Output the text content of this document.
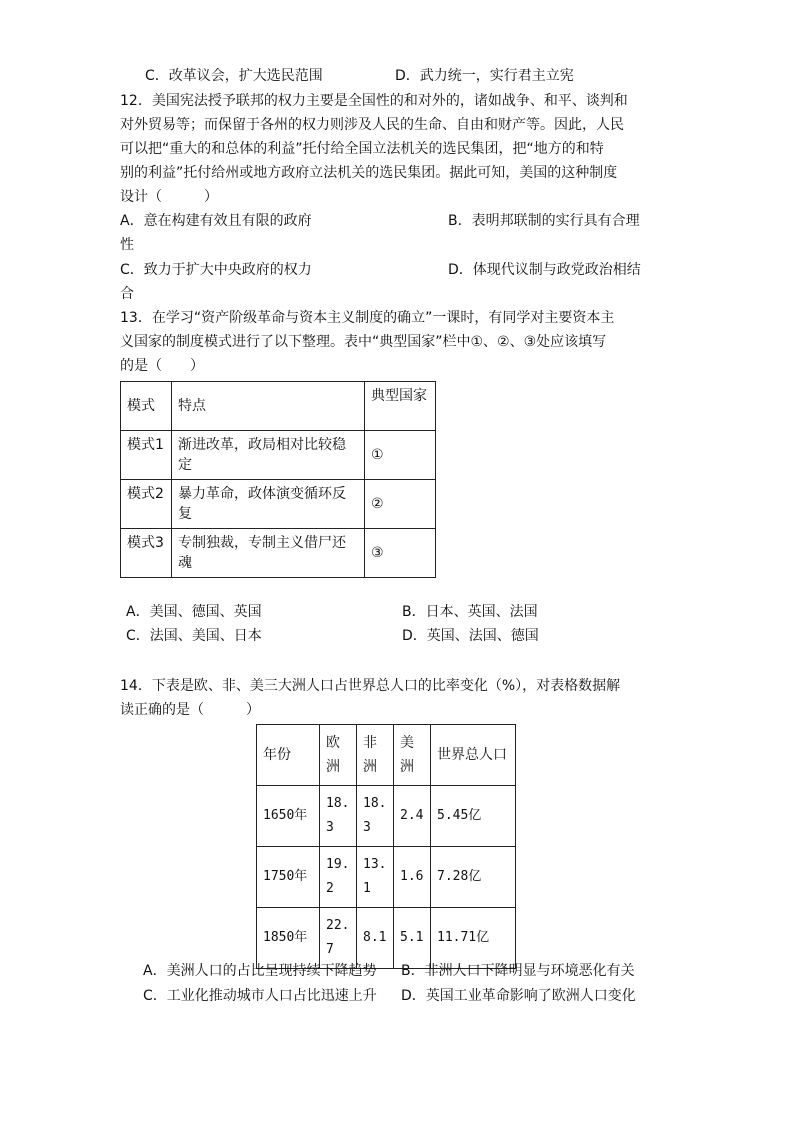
C．改革议会，扩大选民范围	D．武力统一，实行君主立宪
12．美国宪法授予联邦的权力主要是全国性的和对外的，诸如战争、和平、谈判和
对外贸易等；而保留于各州的权力则涉及人民的生命、自由和财产等。因此，人民
可以把“重大的和总体的利益”托付给全国立法机关的选民集团，把“地方的和特
别的利益”托付给州或地方政府立法机关的选民集团。据此可知，美国的这种制度
设计（　　　）
A．意在构建有效且有限的政府	B．表明邦联制的实行具有合理
性
C．致力于扩大中央政府的权力	D．体现代议制与政党政治相结
合
13．在学习“资产阶级革命与资本主义制度的确立”一课时，有同学对主要资本主
义国家的制度模式进行了以下整理。表中“典型国家”栏中①、②、③处应该填写
的是（　　）
模式	特点	典型国家
模式1	渐进改革，政局相对比较稳定	①
模式2	暴力革命，政体演变循环反复	②
模式3	专制独裁，专制主义借尸还魂	③
A．美国、德国、英国	B．日本、英国、法国
C．法国、美国、日本	D．英国、法国、德国
14．下表是欧、非、美三大洲人口占世界总人口的比率变化（%），对表格数据解
读正确的是（　　　）
年份	欧洲	非洲	美洲	世界总人口
1650年	18.3	18.3	2.4	5.45亿
1750年	19.2	13.1	1.6	7.28亿
1850年	22.7	8.1	5.1	11.71亿
A．美洲人口的占比呈现持续下降趋势 B．非洲人口下降明显与环境恶化有关
C．工业化推动城市人口占比迅速上升 D．英国工业革命影响了欧洲人口变化
